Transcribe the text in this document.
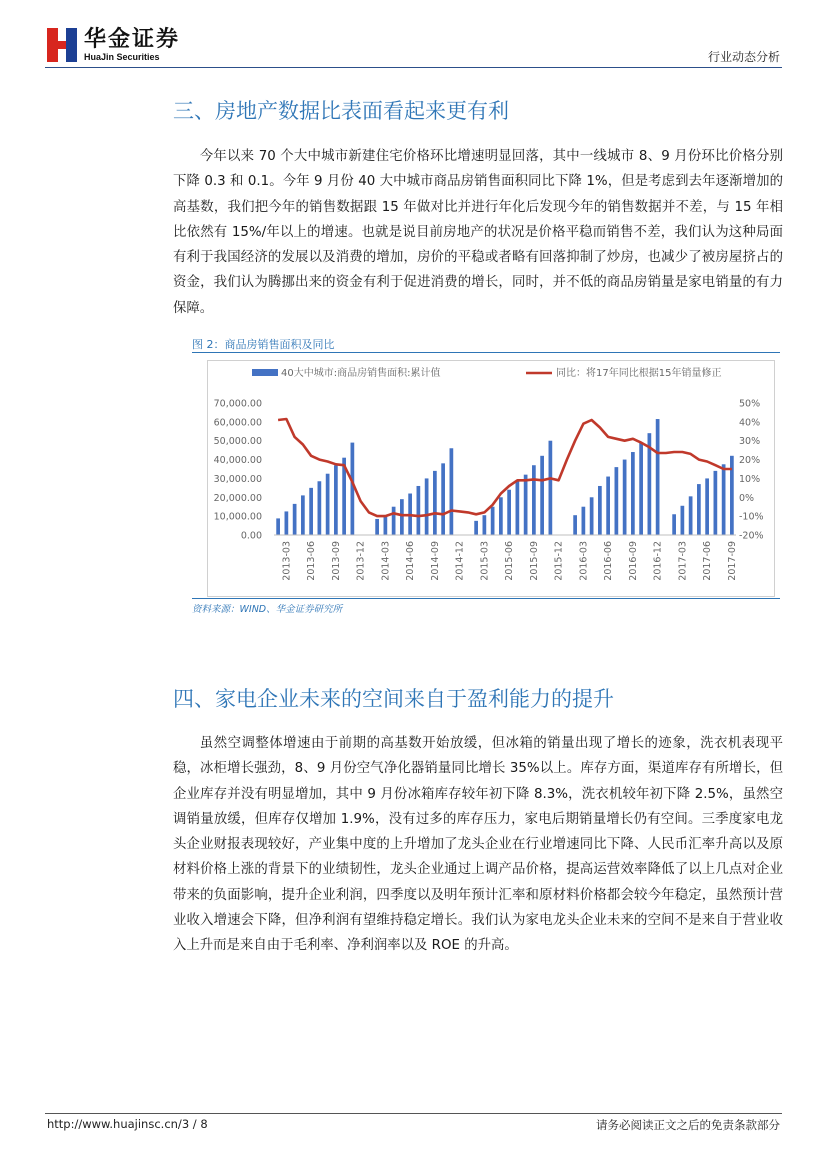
华金证券
HuaJin Securities	行业动态分析
三、房地产数据比表面看起来更有利

今年以来 70 个大中城市新建住宅价格环比增速明显回落，其中一线城市 8、9 月份环比价格分别下降 0.3 和 0.1。今年 9 月份 40 大中城市商品房销售面积同比下降 1%，但是考虑到去年逐渐增加的高基数，我们把今年的销售数据跟 15 年做对比并进行年化后发现今年的销售数据并不差，与 15 年相比依然有 15%/年以上的增速。也就是说目前房地产的状况是价格平稳而销售不差，我们认为这种局面有利于我国经济的发展以及消费的增加，房价的平稳或者略有回落抑制了炒房，也减少了被房屋挤占的资金，我们认为腾挪出来的资金有利于促进消费的增长，同时，并不低的商品房销量是家电销量的有力保障。

图 2：商品房销售面积及同比
40大中城市:商品房销售面积:累计值	同比：将17年同比根据15年销量修正
0.00
10,000.00
20,000.00
30,000.00
40,000.00
50,000.00
60,000.00
70,000.00
-20%
-10%
0%
10%
20%
30%
40%
50%
2013-03 2013-06 2013-09 2013-12 2014-03 2014-06 2014-09 2014-12 2015-03 2015-06 2015-09 2015-12 2016-03 2016-06 2016-09 2016-12 2017-03 2017-06 2017-09
资料来源：WIND、华金证券研究所
四、家电企业未来的空间来自于盈利能力的提升

虽然空调整体增速由于前期的高基数开始放缓，但冰箱的销量出现了增长的迹象，洗衣机表现平稳，冰柜增长强劲，8、9 月份空气净化器销量同比增长 35%以上。库存方面，渠道库存有所增长，但企业库存并没有明显增加，其中 9 月份冰箱库存较年初下降 8.3%，洗衣机较年初下降 2.5%，虽然空调销量放缓，但库存仅增加 1.9%，没有过多的库存压力，家电后期销量增长仍有空间。三季度家电龙头企业财报表现较好，产业集中度的上升增加了龙头企业在行业增速同比下降、人民币汇率升高以及原材料价格上涨的背景下的业绩韧性，龙头企业通过上调产品价格，提高运营效率降低了以上几点对企业带来的负面影响，提升企业利润，四季度以及明年预计汇率和原材料价格都会较今年稳定，虽然预计营业收入增速会下降，但净利润有望维持稳定增长。我们认为家电龙头企业未来的空间不是来自于营业收入上升而是来自由于毛利率、净利润率以及 ROE 的升高。

http://www.huajinsc.cn/3 / 8	请务必阅读正文之后的免责条款部分
